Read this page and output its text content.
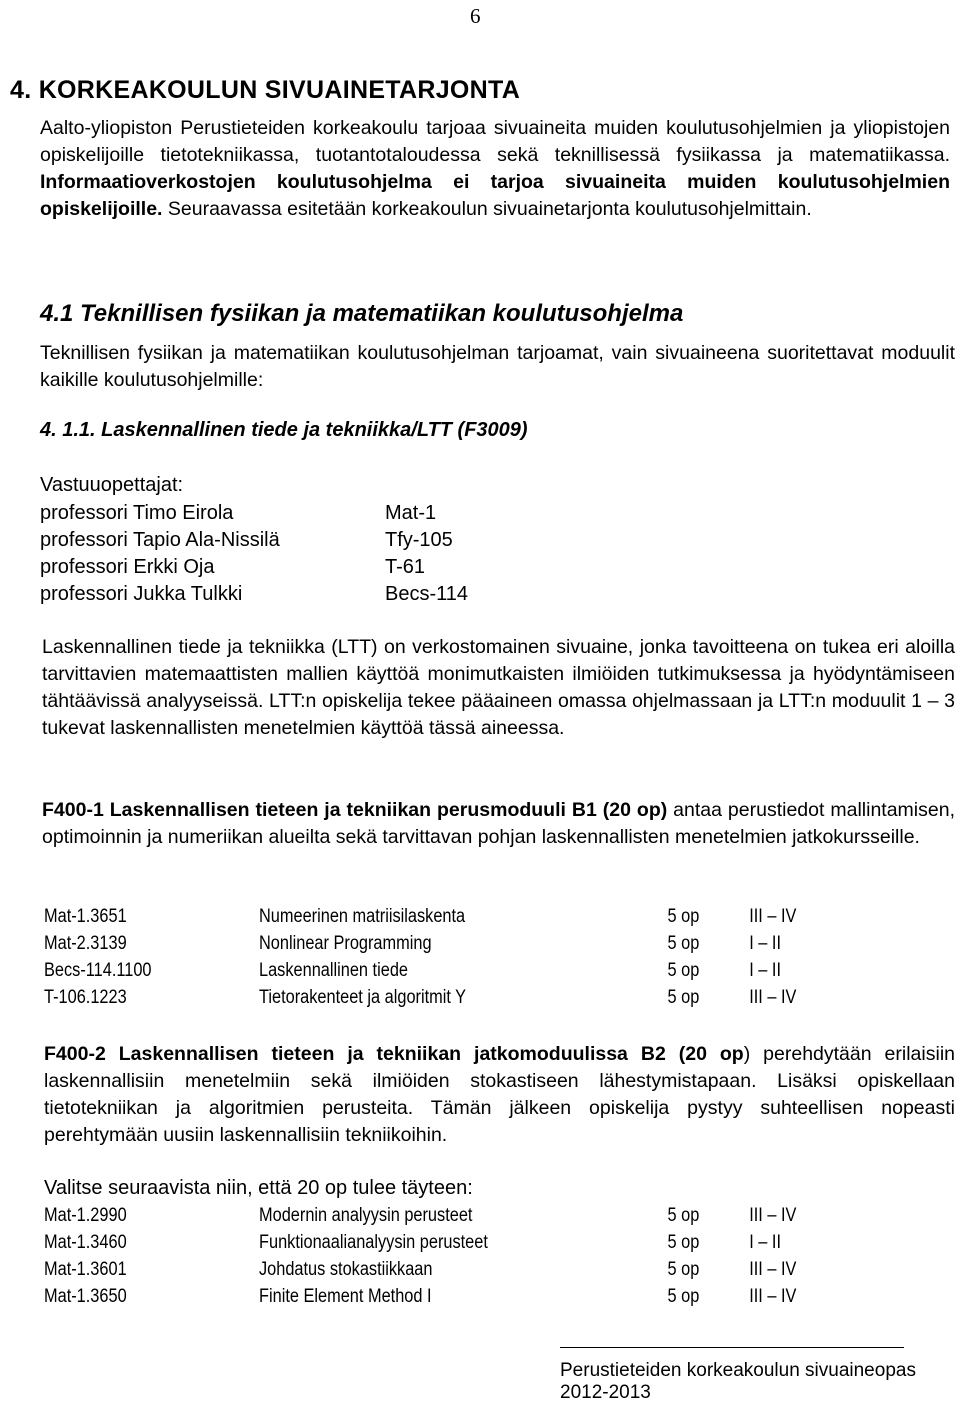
6
4. KORKEAKOULUN SIVUAINETARJONTA
Aalto-yliopiston Perustieteiden korkeakoulu tarjoaa sivuaineita muiden koulutusohjelmien ja yliopistojen opiskelijoille tietotekniikassa, tuotantotaloudessa sekä teknillisessä fysiikassa ja matematiikassa. Informaatioverkostojen koulutusohjelma ei tarjoa sivuaineita muiden koulutusohjelmien opiskelijoille. Seuraavassa esitetään korkeakoulun sivuainetarjonta koulutusohjelmittain.
4.1 Teknillisen fysiikan ja matematiikan koulutusohjelma
Teknillisen fysiikan ja matematiikan koulutusohjelman tarjoamat, vain sivuaineena suoritettavat moduulit kaikille koulutusohjelmille:
4. 1.1. Laskennallinen tiede ja tekniikka/LTT (F3009)
Vastuuopettajat:
professori Timo Eirola	Mat-1
professori Tapio Ala-Nissilä	Tfy-105
professori Erkki Oja	T-61
professori Jukka Tulkki	Becs-114
Laskennallinen tiede ja tekniikka (LTT) on verkostomainen sivuaine, jonka tavoitteena on tukea eri aloilla tarvittavien matemaattisten mallien käyttöä monimutkaisten ilmiöiden tutkimuksessa ja hyödyntämiseen tähtäävissä analyyseissä. LTT:n opiskelija tekee pääaineen omassa ohjelmassaan ja LTT:n moduulit 1 – 3 tukevat laskennallisten menetelmien käyttöä tässä aineessa.
F400-1 Laskennallisen tieteen ja tekniikan perusmoduuli B1 (20 op) antaa perustiedot mallintamisen, optimoinnin ja numeriikan alueilta sekä tarvittavan pohjan laskennallisten menetelmien jatkokursseille.
Mat-1.3651	Numeerinen matriisilaskenta	5 op	III – IV
Mat-2.3139	Nonlinear Programming	5 op	I – II
Becs-114.1100	Laskennallinen tiede	5 op	I – II
T-106.1223	Tietorakenteet ja algoritmit Y	5 op	III – IV
F400-2 Laskennallisen tieteen ja tekniikan jatkomoduulissa B2 (20 op) perehdytään erilaisiin laskennallisiin menetelmiin sekä ilmiöiden stokastiseen lähestymistapaan. Lisäksi opiskellaan tietotekniikan ja algoritmien perusteita. Tämän jälkeen opiskelija pystyy suhteellisen nopeasti perehtymään uusiin laskennallisiin tekniikoihin.
Valitse seuraavista niin, että 20 op tulee täyteen:
Mat-1.2990	Modernin analyysin perusteet	5 op	III – IV
Mat-1.3460	Funktionaalianalyysin perusteet	5 op	I – II
Mat-1.3601	Johdatus stokastiikkaan	5 op	III – IV
Mat-1.3650	Finite Element Method I	5 op	III – IV
Perustieteiden korkeakoulun sivuaineopas 2012-2013
